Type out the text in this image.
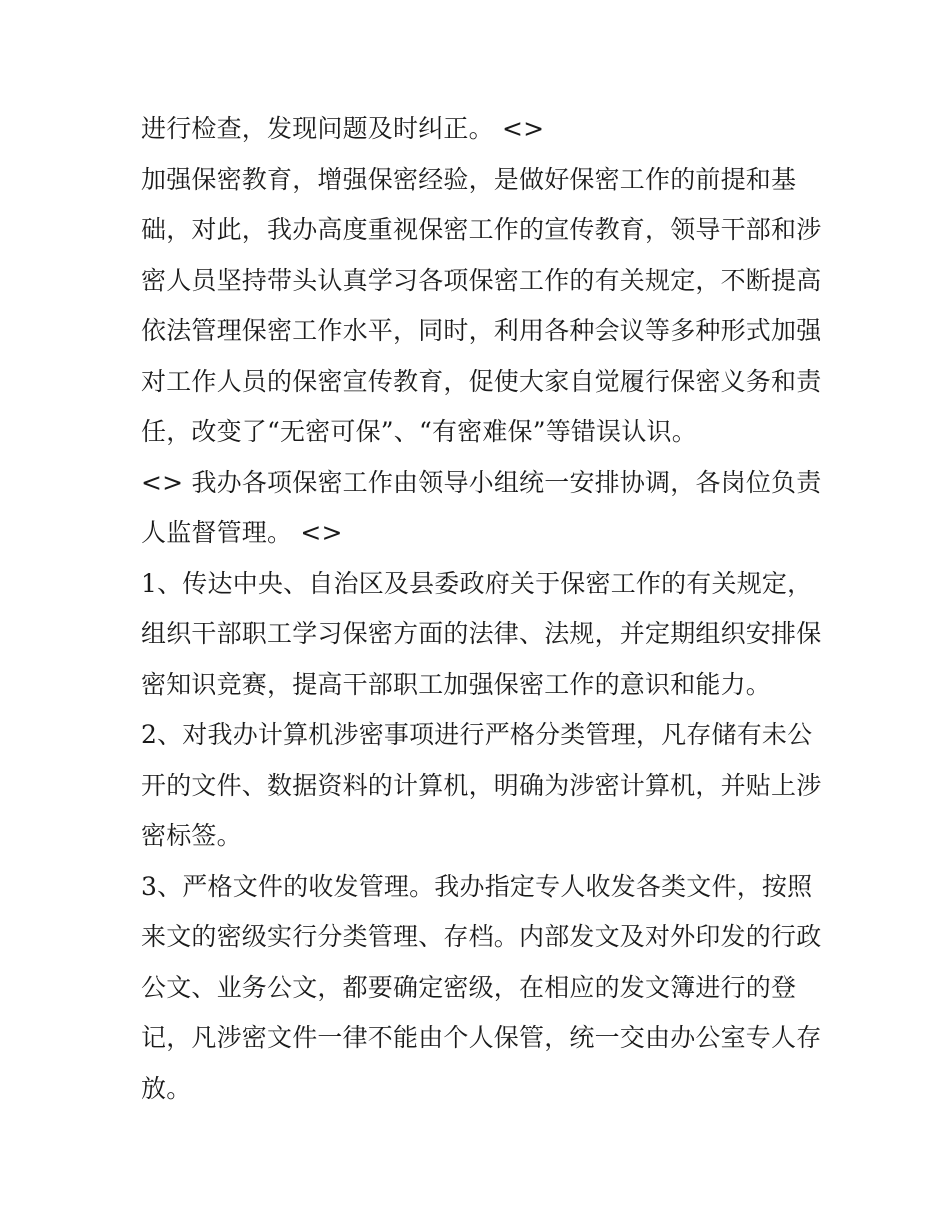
进行检查，发现问题及时纠正。 <>
加强保密教育，增强保密经验，是做好保密工作的前提和基
础，对此，我办高度重视保密工作的宣传教育，领导干部和涉
密人员坚持带头认真学习各项保密工作的有关规定，不断提高
依法管理保密工作水平，同时，利用各种会议等多种形式加强
对工作人员的保密宣传教育，促使大家自觉履行保密义务和责
任，改变了“无密可保”、“有密难保”等错误认识。
<> 我办各项保密工作由领导小组统一安排协调，各岗位负责
人监督管理。 <>
1、传达中央、自治区及县委政府关于保密工作的有关规定，
组织干部职工学习保密方面的法律、法规，并定期组织安排保
密知识竞赛，提高干部职工加强保密工作的意识和能力。
2、对我办计算机涉密事项进行严格分类管理，凡存储有未公
开的文件、数据资料的计算机，明确为涉密计算机，并贴上涉
密标签。
3、严格文件的收发管理。我办指定专人收发各类文件，按照
来文的密级实行分类管理、存档。内部发文及对外印发的行政
公文、业务公文，都要确定密级，在相应的发文簿进行的登
记，凡涉密文件一律不能由个人保管，统一交由办公室专人存
放。
